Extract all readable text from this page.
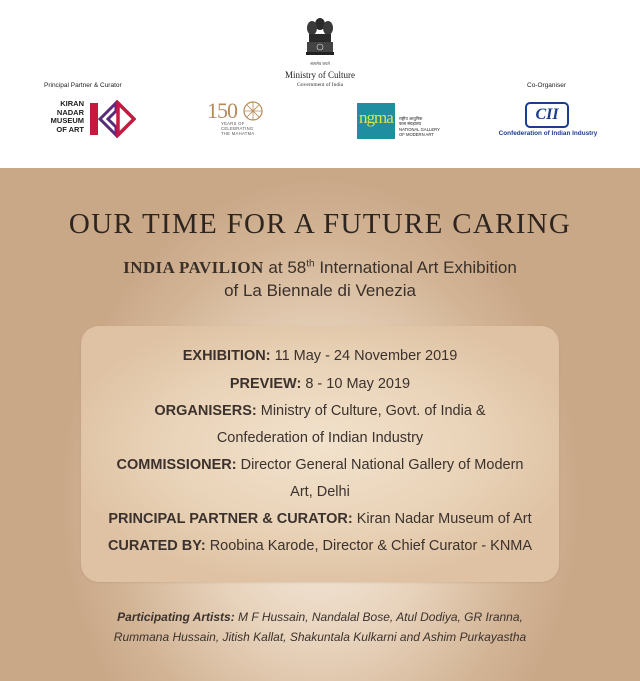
Principal Partner & Curator
KIRAN
NADAR
MUSEUM
OF ART
150
YEARS OF
CELEBRATING
THE MAHATMA
सत्यमेव जयते
Ministry of Culture
Government of India
ngma	राष्ट्रीय आधुनिक
कला संग्रहालय
NATIONAL GALLERY
OF MODERN ART
Co-Organiser
CII
Confederation of Indian Industry
OUR TIME FOR A FUTURE CARING
INDIA PAVILION at 58th International Art Exhibition
of La Biennale di Venezia
EXHIBITION: 11 May - 24 November 2019
PREVIEW: 8 - 10 May 2019
ORGANISERS: Ministry of Culture, Govt. of India &
Confederation of Indian Industry
COMMISSIONER: Director General National Gallery of Modern
Art, Delhi
PRINCIPAL PARTNER & CURATOR: Kiran Nadar Museum of Art
CURATED BY: Roobina Karode, Director & Chief Curator - KNMA
Participating Artists: M F Hussain, Nandalal Bose, Atul Dodiya, GR Iranna,
Rummana Hussain, Jitish Kallat, Shakuntala Kulkarni and Ashim Purkayastha
